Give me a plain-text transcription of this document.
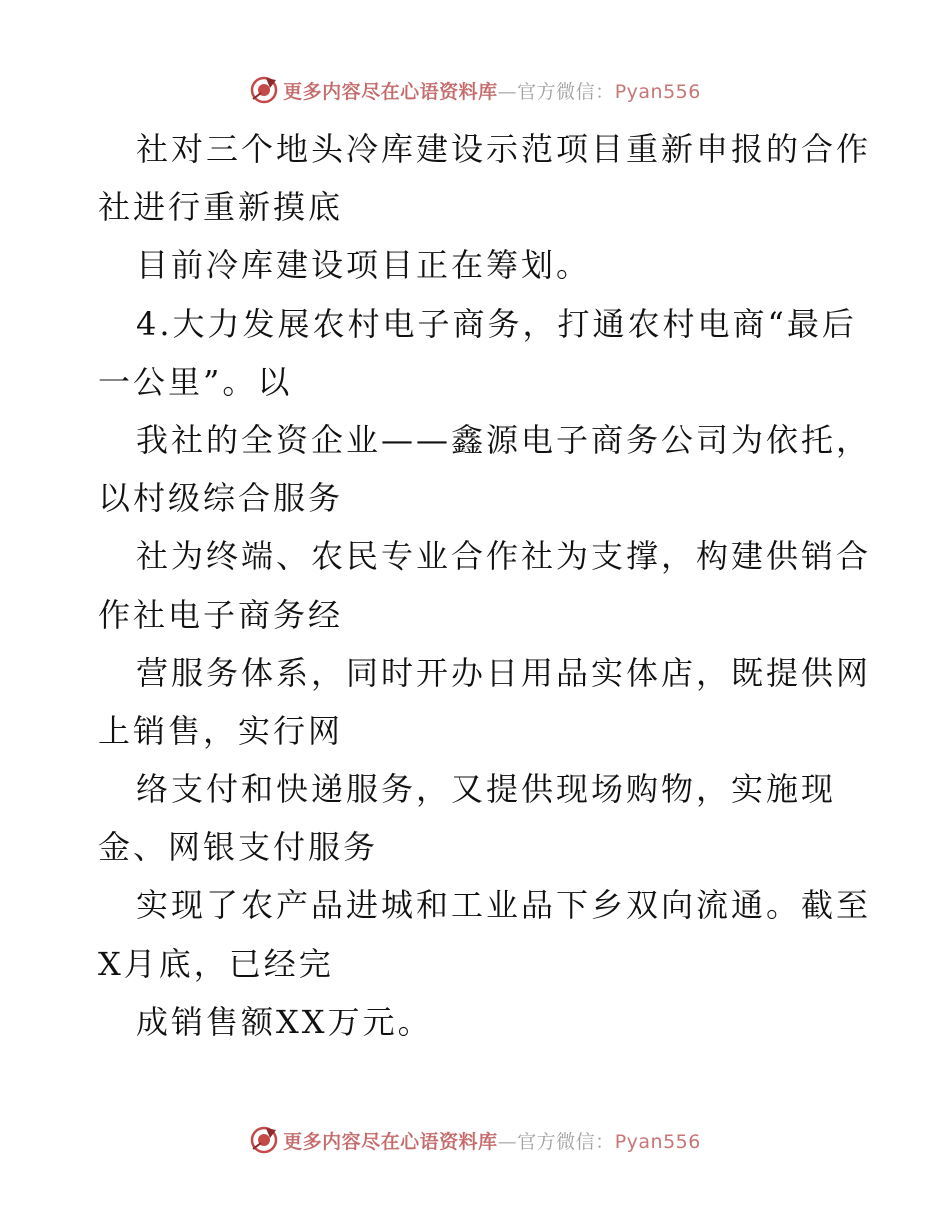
更多内容尽在心语资料库—官方微信：Pyan556
社对三个地头冷库建设示范项目重新申报的合作
社进行重新摸底
目前冷库建设项目正在筹划。
4.大力发展农村电子商务，打通农村电商“最后
一公里”。以
我社的全资企业——鑫源电子商务公司为依托，
以村级综合服务
社为终端、农民专业合作社为支撑，构建供销合
作社电子商务经
营服务体系，同时开办日用品实体店，既提供网
上销售，实行网
络支付和快递服务，又提供现场购物，实施现
金、网银支付服务
实现了农产品进城和工业品下乡双向流通。截至
X月底，已经完
成销售额XX万元。
更多内容尽在心语资料库—官方微信：Pyan556
